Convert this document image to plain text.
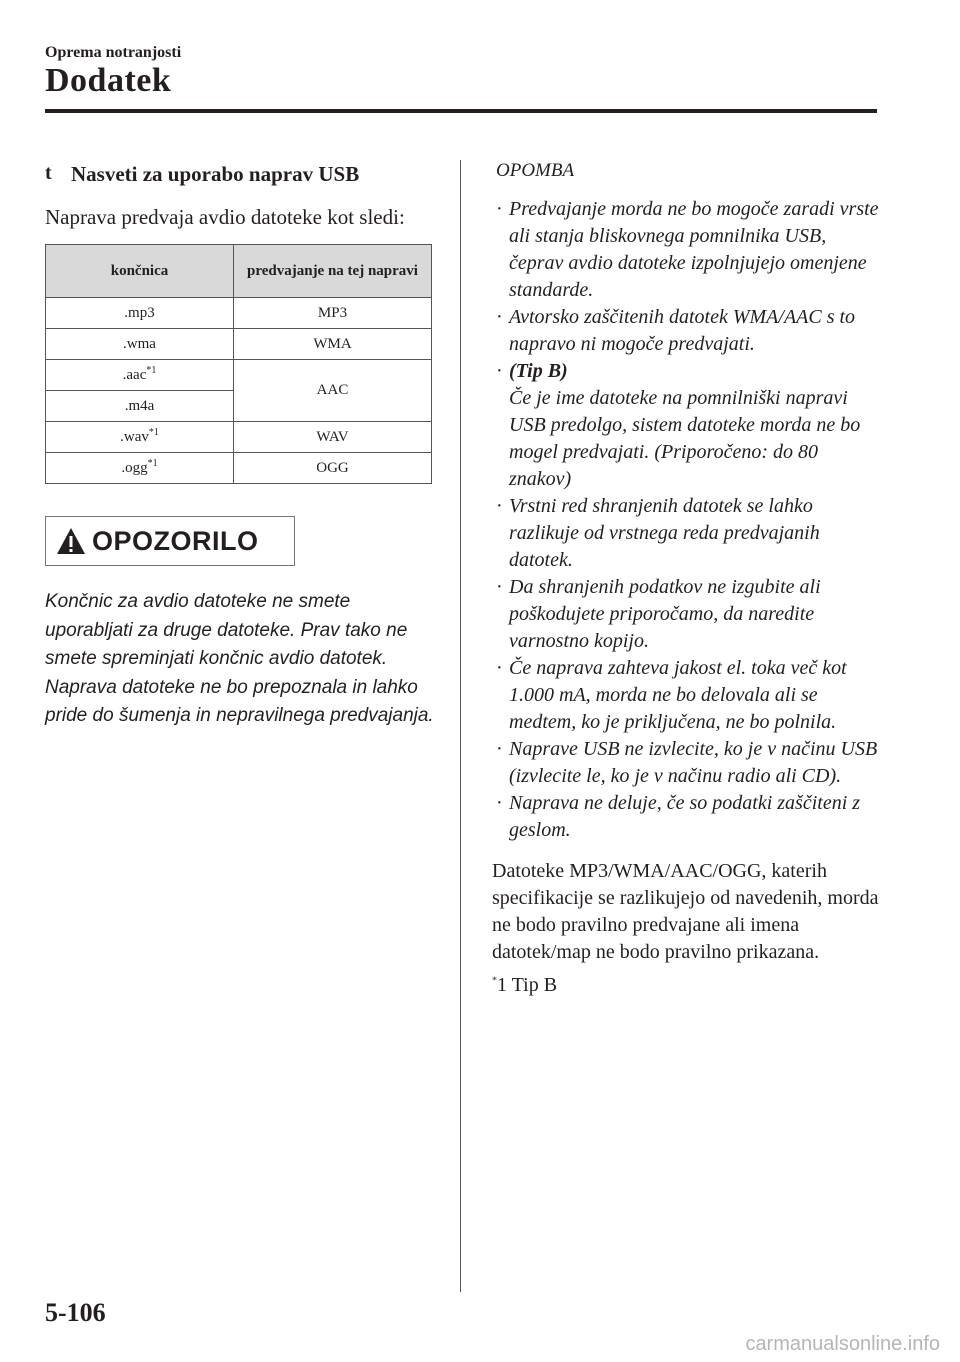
Oprema notranjosti
Dodatek
t Nasveti za uporabo naprav USB
Naprava predvaja avdio datoteke kot sledi:
končnica	predvajanje na tej napravi
.mp3	MP3
.wma	WMA
.aac$^{*1}$	AAC
.m4a	
.wav$^{*1}$	WAV
.ogg$^{*1}$	OGG
OPOZORILO
Končnic za avdio datoteke ne smete uporabljati za druge datoteke. Prav tako ne smete spreminjati končnic avdio datotek. Naprava datoteke ne bo prepoznala in lahko pride do šumenja in nepravilnega predvajanja.
OPOMBA
· Predvajanje morda ne bo mogoče zaradi vrste ali stanja bliskovnega pomnilnika USB, čeprav avdio datoteke izpolnjujejo omenjene standarde.
· Avtorsko zaščitenih datotek WMA/AAC s to napravo ni mogoče predvajati.
· (Tip B)
Če je ime datoteke na pomnilniški napravi USB predolgo, sistem datoteke morda ne bo mogel predvajati. (Priporočeno: do 80 znakov)
· Vrstni red shranjenih datotek se lahko razlikuje od vrstnega reda predvajanih datotek.
· Da shranjenih podatkov ne izgubite ali poškodujete priporočamo, da naredite varnostno kopijo.
· Če naprava zahteva jakost el. toka več kot 1.000 mA, morda ne bo delovala ali se medtem, ko je priključena, ne bo polnila.
· Naprave USB ne izvlecite, ko je v načinu USB (izvlecite le, ko je v načinu radio ali CD).
· Naprava ne deluje, če so podatki zaščiteni z geslom.
Datoteke MP3/WMA/AAC/OGG, katerih specifikacije se razlikujejo od navedenih, morda ne bodo pravilno predvajane ali imena datotek/map ne bodo pravilno prikazana.
*1 Tip B
5-106
carmanualsonline.info
